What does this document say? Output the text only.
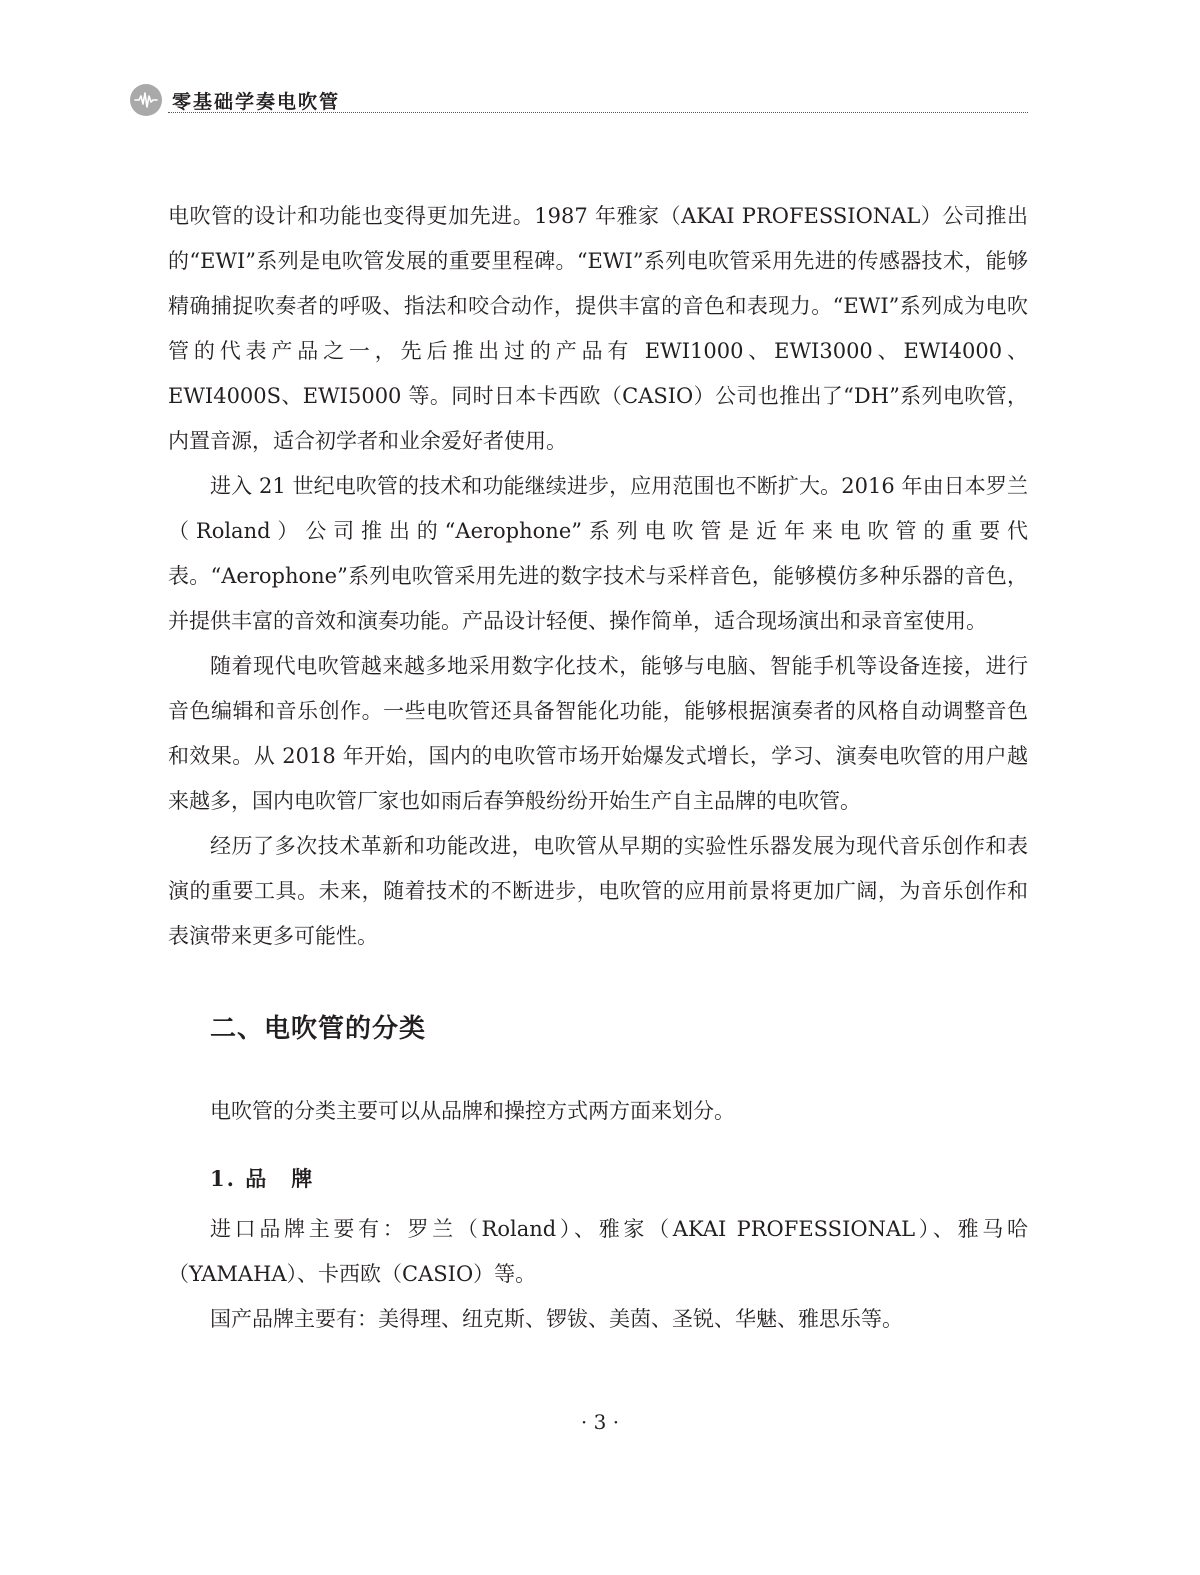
零基础学奏电吹管

电吹管的设计和功能也变得更加先进。1987 年雅家（AKAI PROFESSIONAL）公司推出的“EWI”系列是电吹管发展的重要里程碑。“EWI”系列电吹管采用先进的传感器技术，能够精确捕捉吹奏者的呼吸、指法和咬合动作，提供丰富的音色和表现力。“EWI”系列成为电吹管的代表产品之一，先后推出过的产品有 EWI1000、EWI3000、EWI4000、EWI4000S、EWI5000 等。同时日本卡西欧（CASIO）公司也推出了“DH”系列电吹管，内置音源，适合初学者和业余爱好者使用。

进入 21 世纪电吹管的技术和功能继续进步，应用范围也不断扩大。2016 年由日本罗兰（Roland）公司推出的“Aerophone”系列电吹管是近年来电吹管的重要代表。“Aerophone”系列电吹管采用先进的数字技术与采样音色，能够模仿多种乐器的音色，并提供丰富的音效和演奏功能。产品设计轻便、操作简单，适合现场演出和录音室使用。

随着现代电吹管越来越多地采用数字化技术，能够与电脑、智能手机等设备连接，进行音色编辑和音乐创作。一些电吹管还具备智能化功能，能够根据演奏者的风格自动调整音色和效果。从 2018 年开始，国内的电吹管市场开始爆发式增长，学习、演奏电吹管的用户越来越多，国内电吹管厂家也如雨后春笋般纷纷开始生产自主品牌的电吹管。

经历了多次技术革新和功能改进，电吹管从早期的实验性乐器发展为现代音乐创作和表演的重要工具。未来，随着技术的不断进步，电吹管的应用前景将更加广阔，为音乐创作和表演带来更多可能性。

二、电吹管的分类

电吹管的分类主要可以从品牌和操控方式两方面来划分。

1. 品　牌

进口品牌主要有：罗兰（Roland）、雅家（AKAI PROFESSIONAL）、雅马哈（YAMAHA）、卡西欧（CASIO）等。

国产品牌主要有：美得理、纽克斯、锣钹、美茵、圣锐、华魅、雅思乐等。

· 3 ·
